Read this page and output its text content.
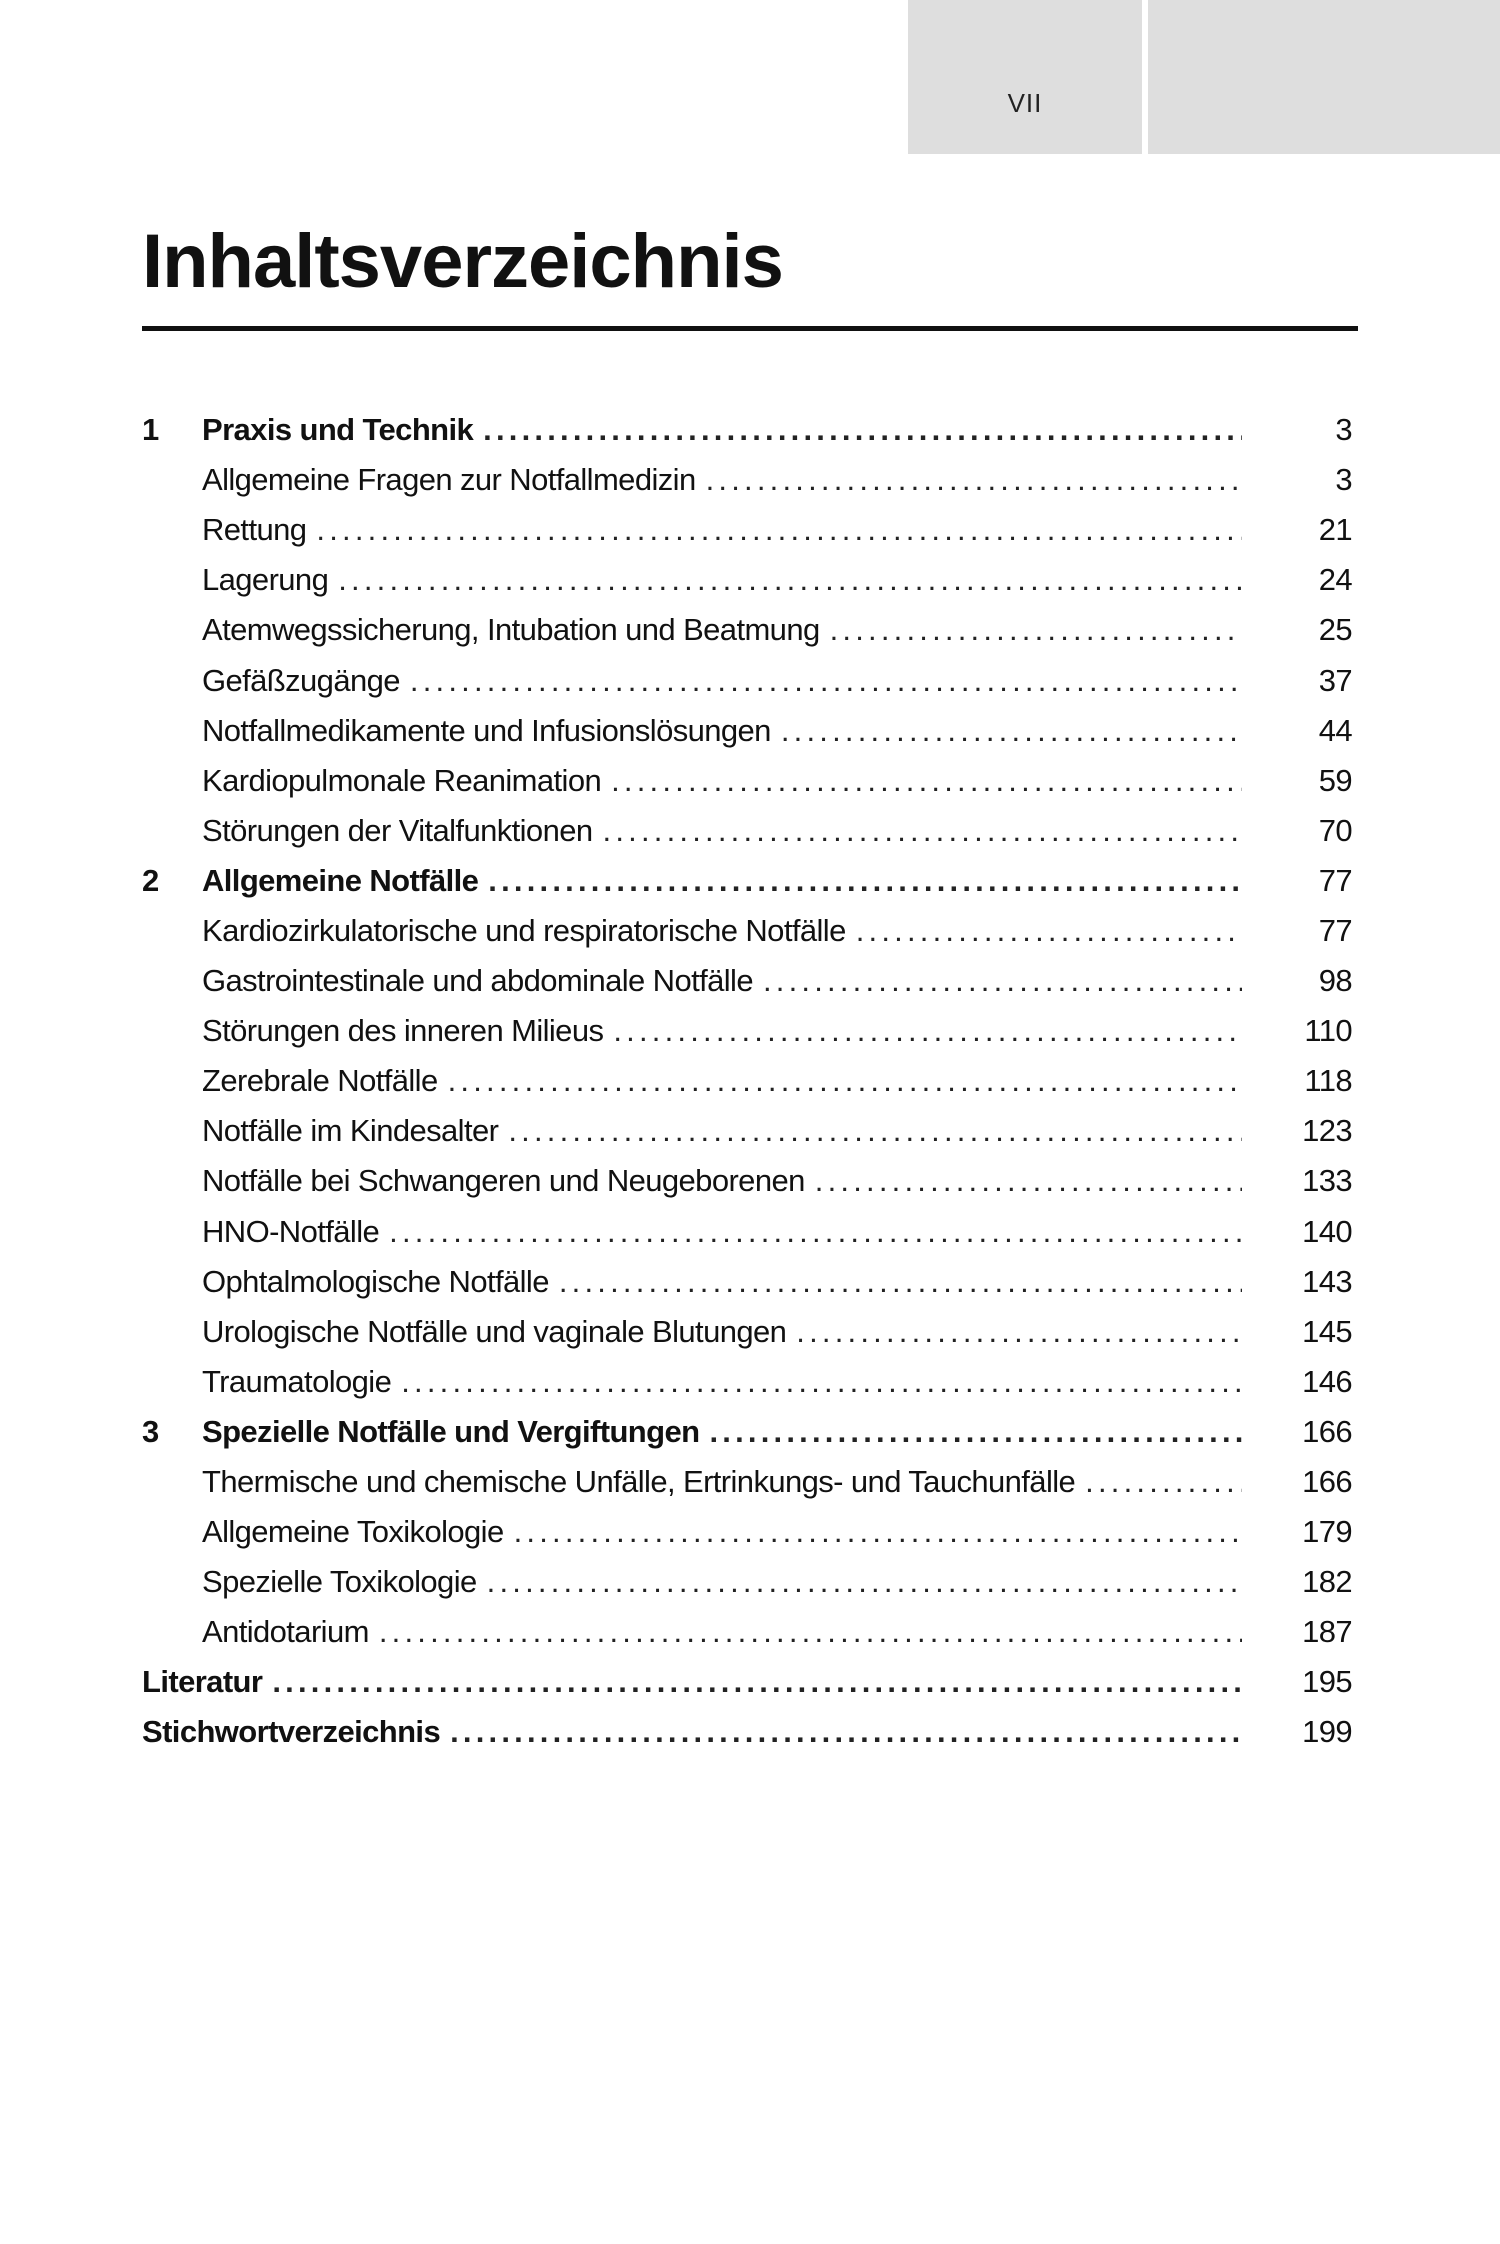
VII
Inhaltsverzeichnis
1	Praxis und Technik .....	3
Allgemeine Fragen zur Notfallmedizin .....	3
Rettung .....	21
Lagerung .....	24
Atemwegssicherung, Intubation und Beatmung .....	25
Gefäßzugänge .....	37
Notfallmedikamente und Infusionslösungen .....	44
Kardiopulmonale Reanimation .....	59
Störungen der Vitalfunktionen .....	70
2	Allgemeine Notfälle .....	77
Kardiozirkulatorische und respiratorische Notfälle .....	77
Gastrointestinale und abdominale Notfälle .....	98
Störungen des inneren Milieus .....	110
Zerebrale Notfälle .....	118
Notfälle im Kindesalter .....	123
Notfälle bei Schwangeren und Neugeborenen .....	133
HNO-Notfälle .....	140
Ophtalmologische Notfälle .....	143
Urologische Notfälle und vaginale Blutungen .....	145
Traumatologie .....	146
3	Spezielle Notfälle und Vergiftungen .....	166
Thermische und chemische Unfälle, Ertrinkungs- und Tauchunfälle .....	166
Allgemeine Toxikologie .....	179
Spezielle Toxikologie .....	182
Antidotarium .....	187
Literatur .....	195
Stichwortverzeichnis .....	199
